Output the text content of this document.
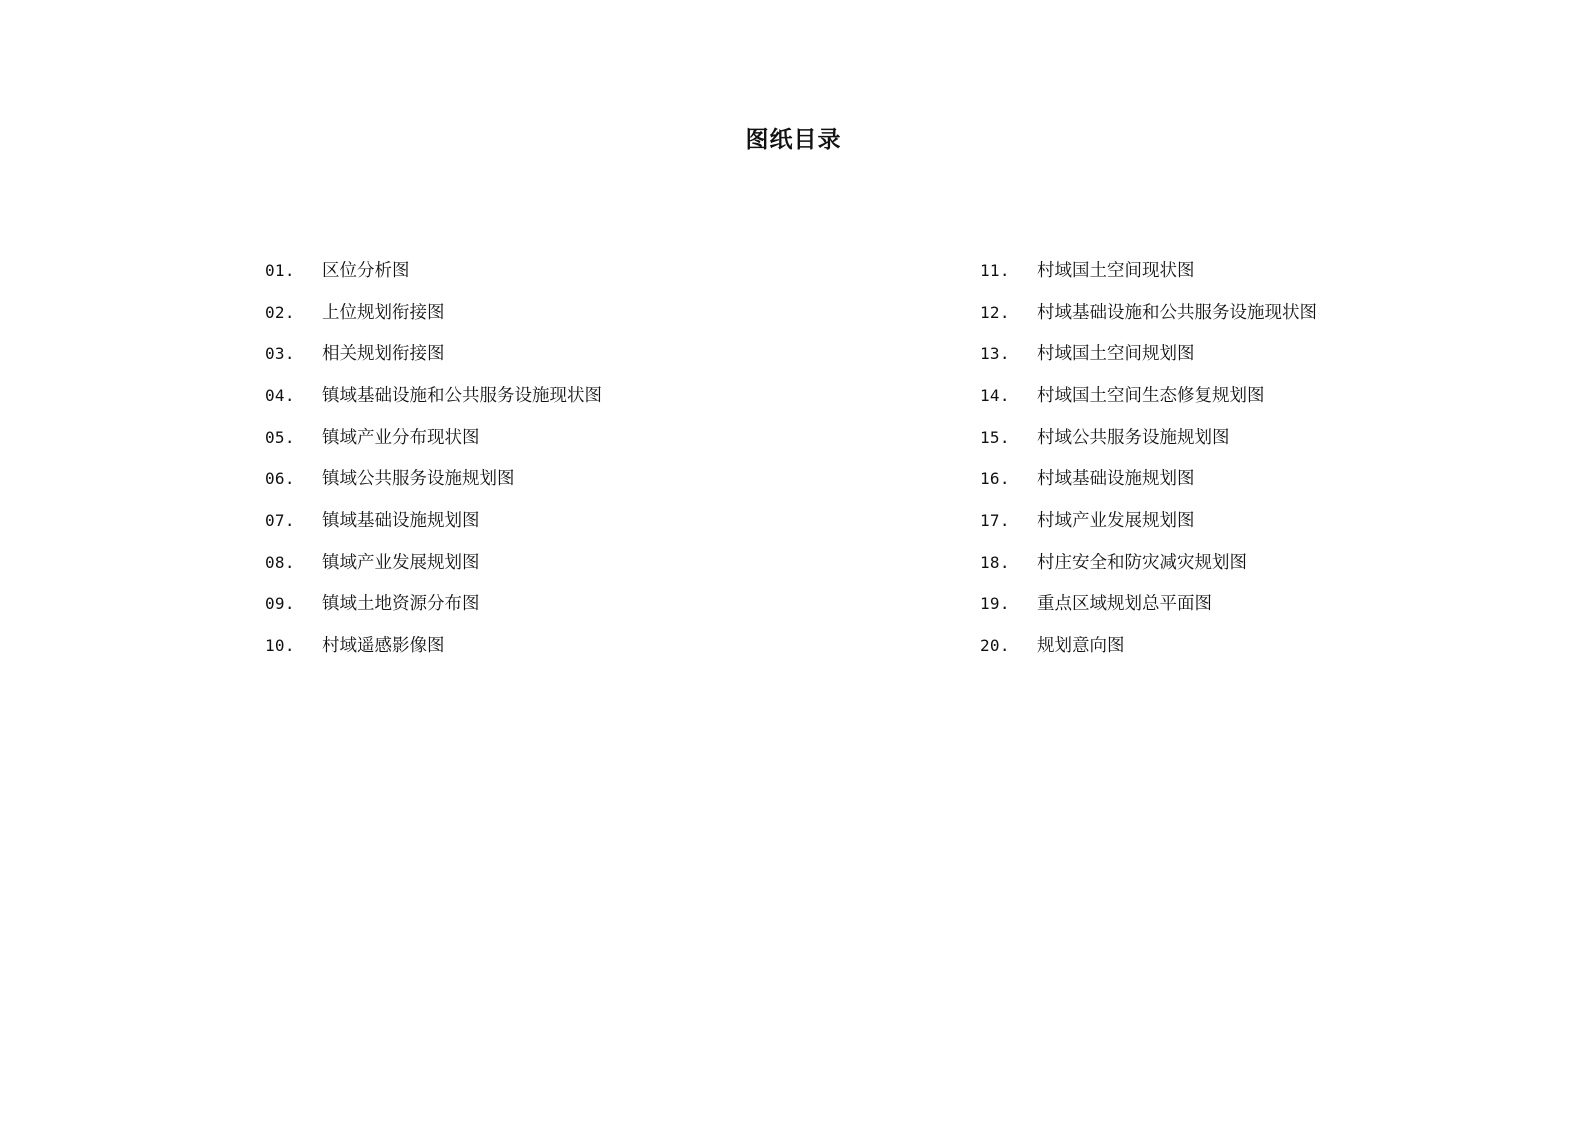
图纸目录
01.	区位分析图
02.	上位规划衔接图
03.	相关规划衔接图
04.	镇域基础设施和公共服务设施现状图
05.	镇域产业分布现状图
06.	镇域公共服务设施规划图
07.	镇域基础设施规划图
08.	镇域产业发展规划图
09.	镇域土地资源分布图
10.	村域遥感影像图
11.	村域国土空间现状图
12.	村域基础设施和公共服务设施现状图
13.	村域国土空间规划图
14.	村域国土空间生态修复规划图
15.	村域公共服务设施规划图
16.	村域基础设施规划图
17.	村域产业发展规划图
18.	村庄安全和防灾减灾规划图
19.	重点区域规划总平面图
20.	规划意向图
